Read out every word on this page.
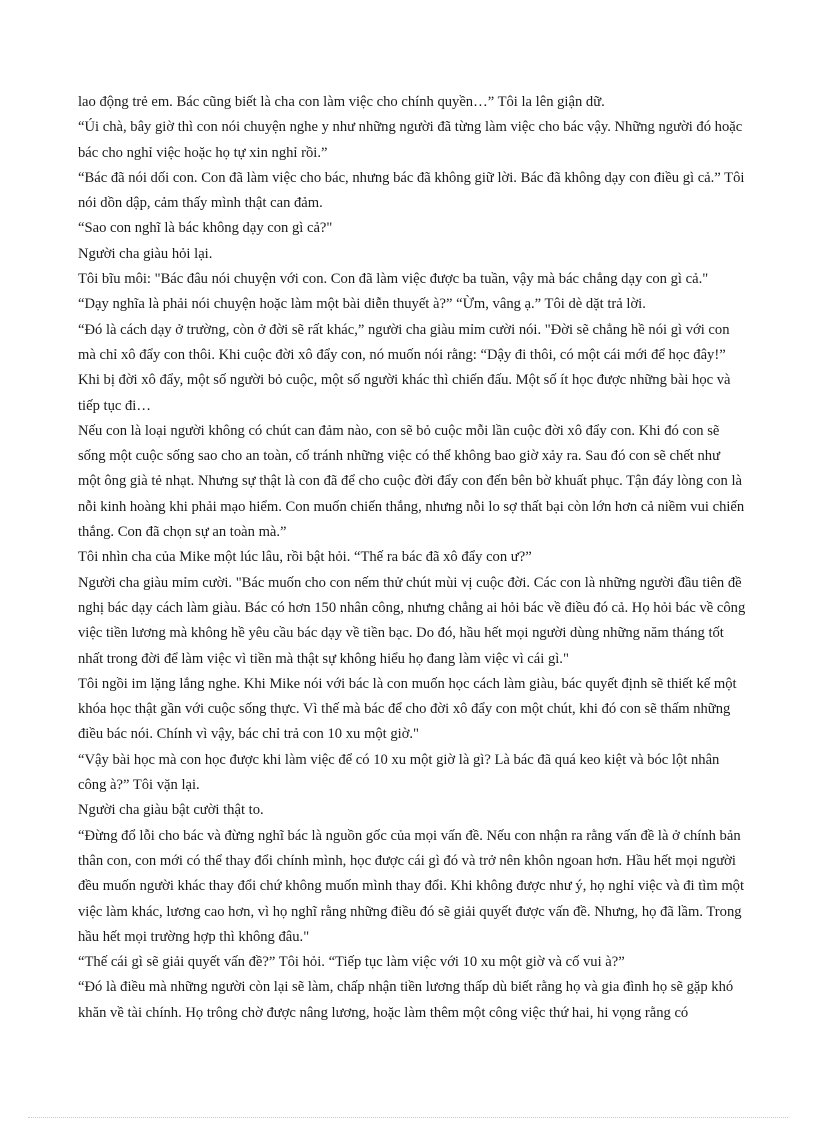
lao động trẻ em. Bác cũng biết là cha con làm việc cho chính quyền…” Tôi la lên giận dữ.

“Úi chà, bây giờ thì con nói chuyện nghe y như những người đã từng làm việc cho bác vậy. Những người đó hoặc bác cho nghỉ việc hoặc họ tự xin nghỉ rồi.”

“Bác đã nói dối con. Con đã làm việc cho bác, nhưng bác đã không giữ lời. Bác đã không dạy con điều gì cả.” Tôi nói dồn dập, cảm thấy mình thật can đảm.

“Sao con nghĩ là bác không dạy con gì cả?"

Người cha giàu hỏi lại.

Tôi bĩu môi: "Bác đâu nói chuyện với con. Con đã làm việc được ba tuần, vậy mà bác chẳng dạy con gì cả."

“Dạy nghĩa là phải nói chuyện hoặc làm một bài diễn thuyết à?” “Ừm, vâng ạ.” Tôi dè dặt trả lời.

“Đó là cách dạy ở trường, còn ở đời sẽ rất khác,” người cha giàu mỉm cười nói. "Đời sẽ chẳng hề nói gì với con mà chỉ xô đẩy con thôi. Khi cuộc đời xô đẩy con, nó muốn nói rằng: “Dậy đi thôi, có một cái mới để học đây!” Khi bị đời xô đẩy, một số người bỏ cuộc, một số người khác thì chiến đấu. Một số ít học được những bài học và tiếp tục đi…

Nếu con là loại người không có chút can đảm nào, con sẽ bỏ cuộc mỗi lần cuộc đời xô đẩy con. Khi đó con sẽ sống một cuộc sống sao cho an toàn, cố tránh những việc có thể không bao giờ xảy ra. Sau đó con sẽ chết như một ông già tẻ nhạt. Nhưng sự thật là con đã để cho cuộc đời đẩy con đến bên bờ khuất phục. Tận đáy lòng con là nỗi kinh hoàng khi phải mạo hiểm. Con muốn chiến thắng, nhưng nỗi lo sợ thất bại còn lớn hơn cả niềm vui chiến thắng. Con đã chọn sự an toàn mà.”

Tôi nhìn cha của Mike một lúc lâu, rồi bật hỏi. “Thế ra bác đã xô đẩy con ư?”

Người cha giàu mỉm cười. "Bác muốn cho con nếm thử chút mùi vị cuộc đời. Các con là những người đầu tiên đề nghị bác dạy cách làm giàu. Bác có hơn 150 nhân công, nhưng chẳng ai hỏi bác về điều đó cả. Họ hỏi bác về công việc tiền lương mà không hề yêu cầu bác dạy về tiền bạc. Do đó, hầu hết mọi người dùng những năm tháng tốt nhất trong đời để làm việc vì tiền mà thật sự không hiểu họ đang làm việc vì cái gì."

Tôi ngồi im lặng lắng nghe. Khi Mike nói với bác là con muốn học cách làm giàu, bác quyết định sẽ thiết kế một khóa học thật gần với cuộc sống thực. Vì thế mà bác để cho đời xô đẩy con một chút, khi đó con sẽ thấm những điều bác nói. Chính vì vậy, bác chỉ trả con 10 xu một giờ."

“Vậy bài học mà con học được khi làm việc để có 10 xu một giờ là gì? Là bác đã quá keo kiệt và bóc lột nhân công à?” Tôi vặn lại.

Người cha giàu bật cười thật to.

“Đừng đổ lỗi cho bác và đừng nghĩ bác là nguồn gốc của mọi vấn đề. Nếu con nhận ra rằng vấn đề là ở chính bản thân con, con mới có thể thay đổi chính mình, học được cái gì đó và trở nên khôn ngoan hơn. Hầu hết mọi người đều muốn người khác thay đổi chứ không muốn mình thay đổi. Khi không được như ý, họ nghỉ việc và đi tìm một việc làm khác, lương cao hơn, vì họ nghĩ rằng những điều đó sẽ giải quyết được vấn đề. Nhưng, họ đã lầm. Trong hầu hết mọi trường hợp thì không đâu."

“Thế cái gì sẽ giải quyết vấn đề?” Tôi hỏi. “Tiếp tục làm việc với 10 xu một giờ và cố vui à?”

“Đó là điều mà những người còn lại sẽ làm, chấp nhận tiền lương thấp dù biết rằng họ và gia đình họ sẽ gặp khó khăn về tài chính. Họ trông chờ được nâng lương, hoặc làm thêm một công việc thứ hai, hi vọng rằng có
